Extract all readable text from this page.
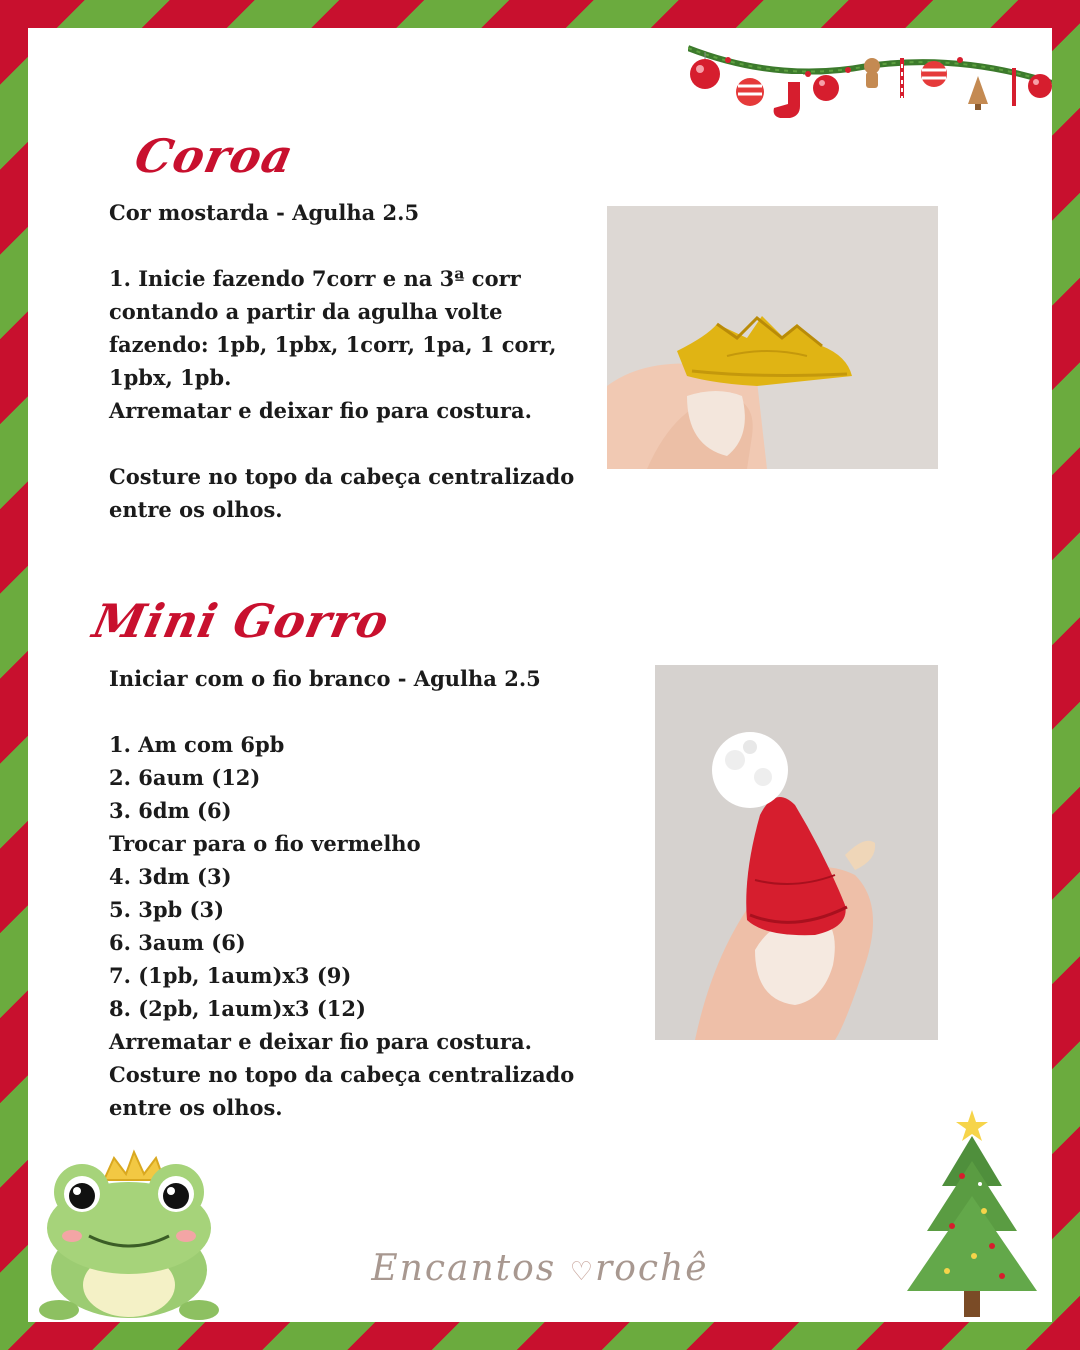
Coroa
Cor mostarda - Agulha 2.5
1. Inicie fazendo 7corr e na 3ª corr
contando a partir da agulha volte
fazendo: 1pb, 1pbx, 1corr, 1pa, 1 corr,
1pbx, 1pb.
Arrematar e deixar fio para costura.
Costure no topo da cabeça centralizado
entre os olhos.
Mini Gorro
Iniciar com o fio branco - Agulha 2.5
1. Am com 6pb
2. 6aum (12)
3. 6dm (6)
Trocar para o fio vermelho
4. 3dm (3)
5. 3pb (3)
6. 3aum (6)
7. (1pb, 1aum)x3 (9)
8. (2pb, 1aum)x3 (12)
Arrematar e deixar fio para costura.
Costure no topo da cabeça centralizado
entre os olhos.
Encantos ♡rochê
